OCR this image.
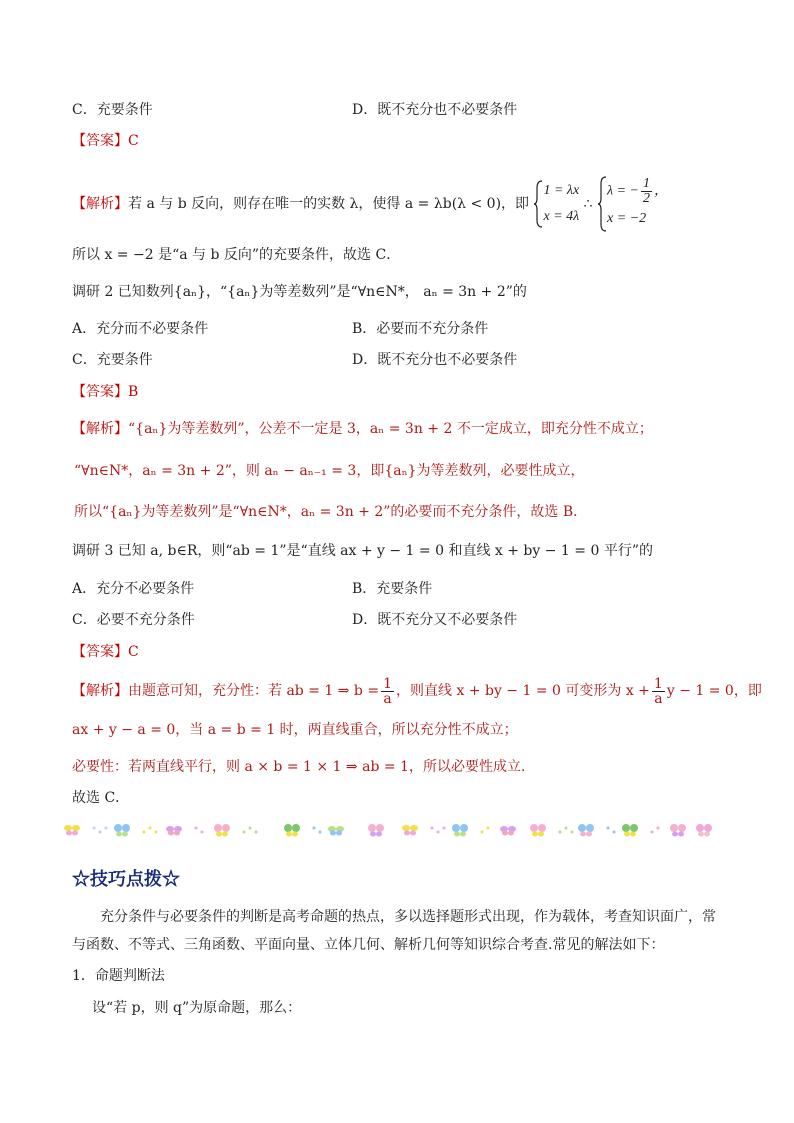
C．充要条件	D．既不充分也不必要条件
【答案】C
【解析】若 a 与 b 反向，则存在唯一的实数 λ，使得 a = λb(λ < 0)，即
1 = λx
x = 4λ
∴
λ = − $\frac{1}{2}$ ，
x = −2
所以 x = −2 是“a 与 b 反向”的充要条件，故选 C．
调研 2 已知数列{aₙ}，“{aₙ}为等差数列”是“∀n∈N*， aₙ = 3n + 2”的
A．充分而不必要条件	B．必要而不充分条件
C．充要条件	D．既不充分也不必要条件
【答案】B
【解析】“{aₙ}为等差数列”，公差不一定是 3，aₙ = 3n + 2 不一定成立，即充分性不成立；
“∀n∈N*，aₙ = 3n + 2”，则 aₙ − aₙ₋₁ = 3，即{aₙ}为等差数列，必要性成立，
所以“{aₙ}为等差数列”是“∀n∈N*，aₙ = 3n + 2”的必要而不充分条件，故选 B．
调研 3 已知 a, b∈R，则“ab = 1”是“直线 ax + y − 1 = 0 和直线 x + by − 1 = 0 平行”的
A．充分不必要条件	B．充要条件
C．必要不充分条件	D．既不充分又不必要条件
【答案】C
【解析】由题意可知，充分性：若 ab = 1 ⇒ $b = \frac{1}{a}$ ，则直线 x + by − 1 = 0 可变形为 $x + \frac{1}{a}$ y − 1 = 0，即
ax + y − a = 0，当 a = b = 1 时，两直线重合，所以充分性不成立；
必要性：若两直线平行，则 a × b = 1 × 1 ⇒ ab = 1，所以必要性成立．
故选 C．
☆技巧点拨☆
充分条件与必要条件的判断是高考命题的热点，多以选择题形式出现，作为载体，考查知识面广，常与函数、不等式、三角函数、平面向量、立体几何、解析几何等知识综合考查.常见的解法如下：
1．命题判断法
设“若 p，则 q”为原命题，那么：
